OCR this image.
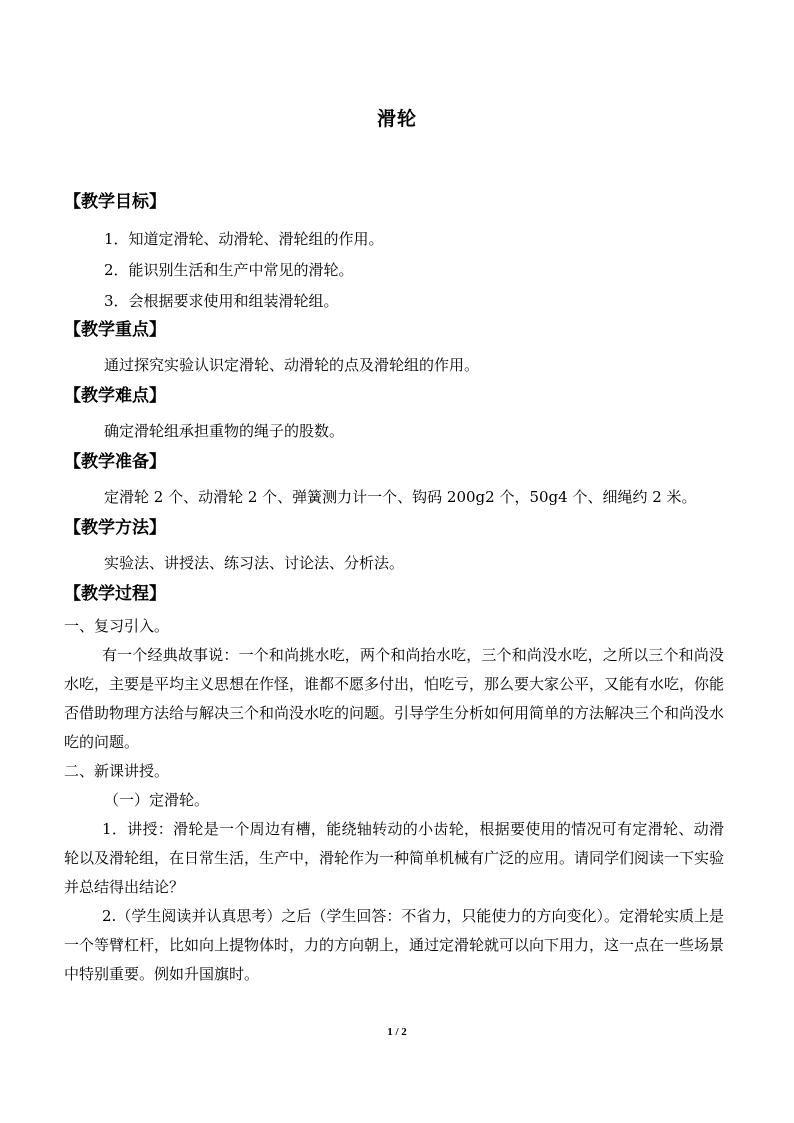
滑轮
【教学目标】

1．知道定滑轮、动滑轮、滑轮组的作用。

2．能识别生活和生产中常见的滑轮。

3．会根据要求使用和组装滑轮组。

【教学重点】

通过探究实验认识定滑轮、动滑轮的点及滑轮组的作用。

【教学难点】

确定滑轮组承担重物的绳子的股数。

【教学准备】

定滑轮 2 个、动滑轮 2 个、弹簧测力计一个、钩码 200g2 个，50g4 个、细绳约 2 米。

【教学方法】

实验法、讲授法、练习法、讨论法、分析法。

【教学过程】

一、复习引入。

有一个经典故事说：一个和尚挑水吃，两个和尚抬水吃，三个和尚没水吃，之所以三个和尚没水吃，主要是平均主义思想在作怪，谁都不愿多付出，怕吃亏，那么要大家公平，又能有水吃，你能否借助物理方法给与解决三个和尚没水吃的问题。引导学生分析如何用简单的方法解决三个和尚没水吃的问题。

二、新课讲授。

（一）定滑轮。

1．讲授：滑轮是一个周边有槽，能绕轴转动的小齿轮，根据要使用的情况可有定滑轮、动滑轮以及滑轮组，在日常生活，生产中，滑轮作为一种简单机械有广泛的应用。请同学们阅读一下实验并总结得出结论？

2.（学生阅读并认真思考）之后（学生回答：不省力，只能使力的方向变化）。定滑轮实质上是一个等臂杠杆，比如向上提物体时，力的方向朝上，通过定滑轮就可以向下用力，这一点在一些场景中特别重要。例如升国旗时。

1 / 2
